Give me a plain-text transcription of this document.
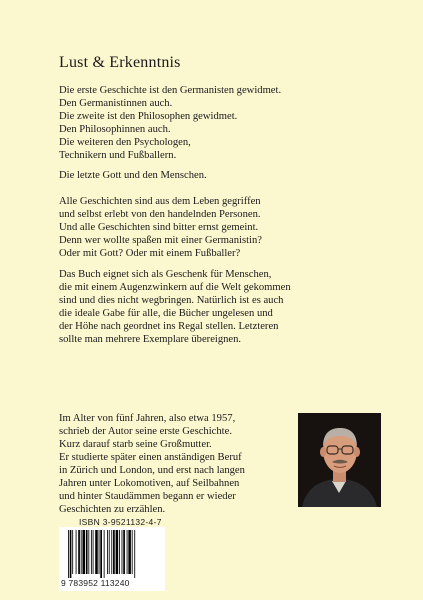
Lust & Erkenntnis
Die erste Geschichte ist den Germanisten gewidmet.
Den Germanistinnen auch.
Die zweite ist den Philosophen gewidmet.
Den Philosophinnen auch.
Die weiteren den Psychologen,
Technikern und Fußballern.
Die letzte Gott und den Menschen.
Alle Geschichten sind aus dem Leben gegriffen
und selbst erlebt von den handelnden Personen.
Und alle Geschichten sind bitter ernst gemeint.
Denn wer wollte spaßen mit einer Germanistin?
Oder mit Gott? Oder mit einem Fußballer?
Das Buch eignet sich als Geschenk für Menschen,
die mit einem Augenzwinkern auf die Welt gekommen
sind und dies nicht wegbringen. Natürlich ist es auch
die ideale Gabe für alle, die Bücher ungelesen und
der Höhe nach geordnet ins Regal stellen. Letzteren
sollte man mehrere Exemplare übereignen.
Im Alter von fünf Jahren, also etwa 1957,
schrieb der Autor seine erste Geschichte.
Kurz darauf starb seine Großmutter.
Er studierte später einen anständigen Beruf
in Zürich und London, und erst nach langen
Jahren unter Lokomotiven, auf Seilbahnen
und hinter Staudämmen begann er wieder
Geschichten zu erzählen.
ISBN 3-9521132-4-7
9 783952 113240
